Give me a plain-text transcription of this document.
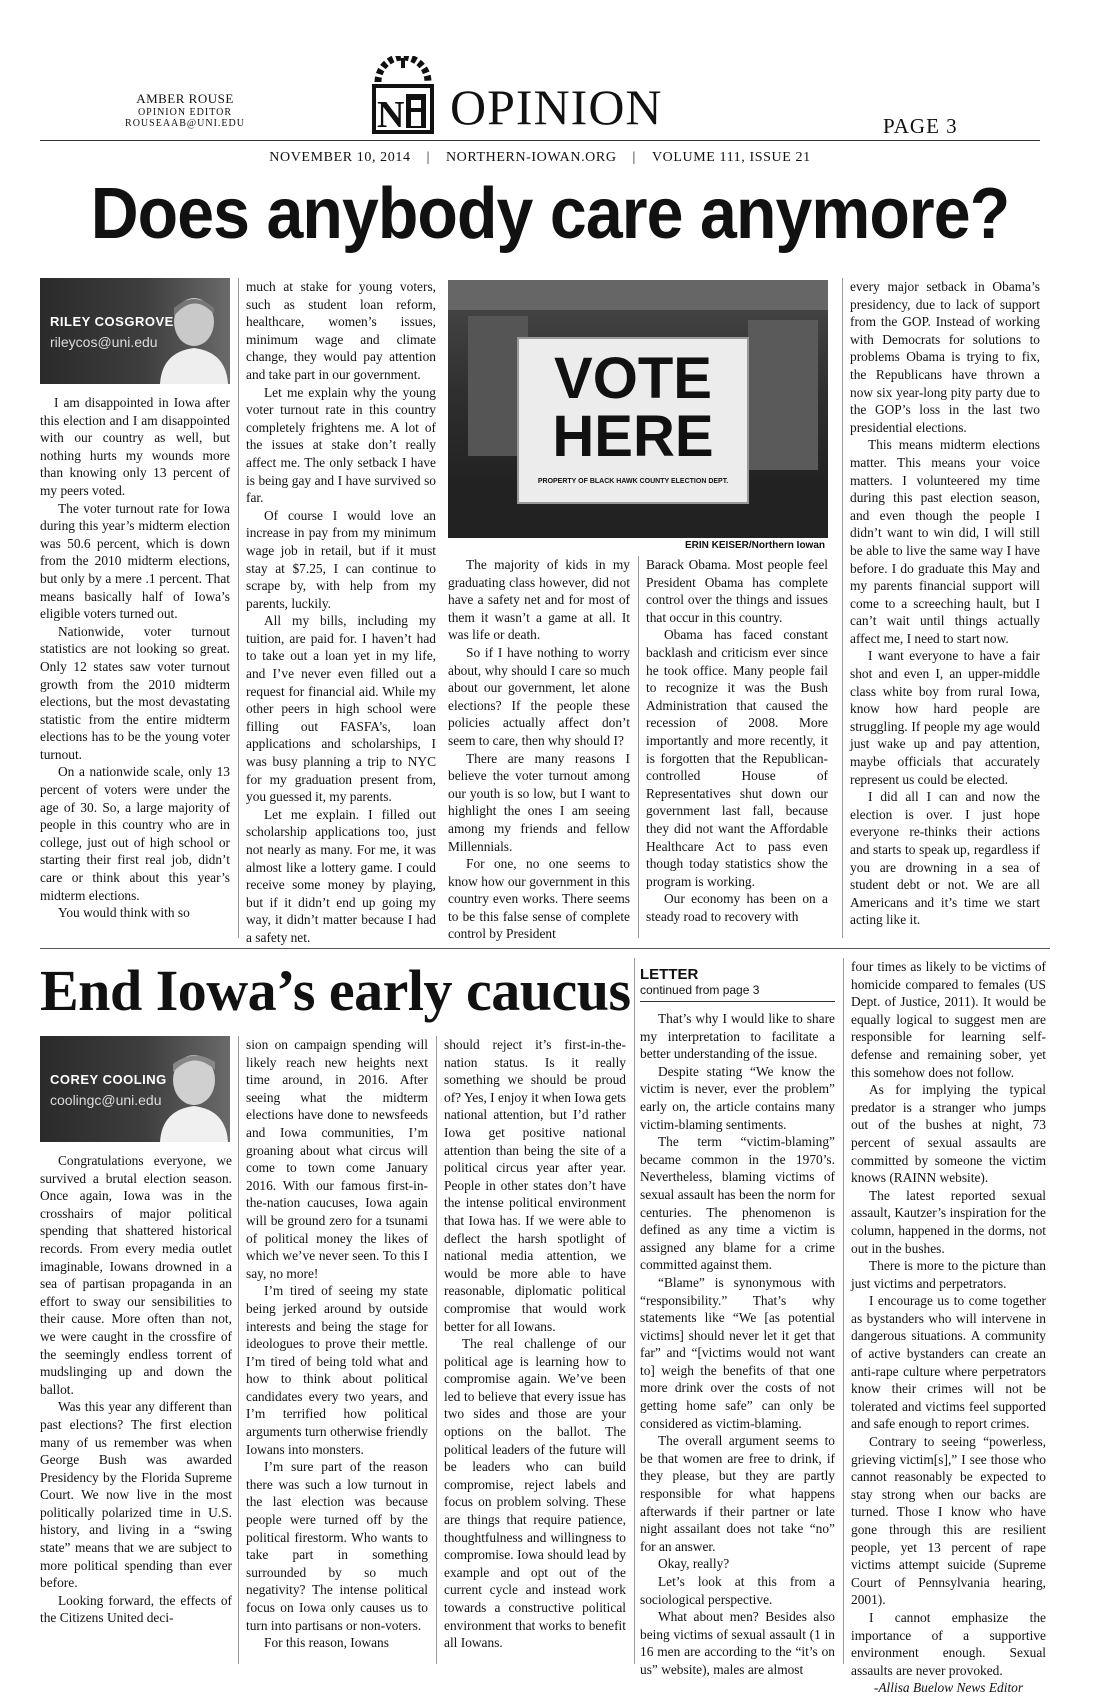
AMBER ROUSE
OPINION EDITOR
ROUSEAAB@UNI.EDU	N OPINION	PAGE 3
NOVEMBER 10, 2014 | NORTHERN-IOWAN.ORG | VOLUME 111, ISSUE 21
Does anybody care anymore?
RILEY COSGROVE
rileycos@uni.edu

I am disappointed in Iowa after this election and I am disappointed with our country as well, but nothing hurts my wounds more than knowing only 13 percent of my peers voted.

The voter turnout rate for Iowa during this year’s midterm election was 50.6 percent, which is down from the 2010 midterm elections, but only by a mere .1 percent. That means basically half of Iowa’s eligible voters turned out.

Nationwide, voter turnout statistics are not looking so great. Only 12 states saw voter turnout growth from the 2010 midterm elections, but the most devastating statistic from the entire midterm elections has to be the young voter turnout.

On a nationwide scale, only 13 percent of voters were under the age of 30. So, a large majority of people in this country who are in college, just out of high school or starting their first real job, didn’t care or think about this year’s midterm elections.

You would think with so

much at stake for young voters, such as student loan reform, healthcare, women’s issues, minimum wage and climate change, they would pay attention and take part in our government.

Let me explain why the young voter turnout rate in this country completely frightens me. A lot of the issues at stake don’t really affect me. The only setback I have is being gay and I have survived so far.

Of course I would love an increase in pay from my minimum wage job in retail, but if it must stay at $7.25, I can continue to scrape by, with help from my parents, luckily.

All my bills, including my tuition, are paid for. I haven’t had to take out a loan yet in my life, and I’ve never even filled out a request for financial aid. While my other peers in high school were filling out FASFA’s, loan applications and scholarships, I was busy planning a trip to NYC for my graduation present from, you guessed it, my parents.

Let me explain. I filled out scholarship applications too, just not nearly as many. For me, it was almost like a lottery game. I could receive some money by playing, but if it didn’t end up going my way, it didn’t matter because I had a safety net.

VOTE
HERE
PROPERTY OF BLACK HAWK COUNTY ELECTION DEPT.
ERIN KEISER/Northern Iowan

The majority of kids in my graduating class however, did not have a safety net and for most of them it wasn’t a game at all. It was life or death.

So if I have nothing to worry about, why should I care so much about our government, let alone elections? If the people these policies actually affect don’t seem to care, then why should I?

There are many reasons I believe the voter turnout among our youth is so low, but I want to highlight the ones I am seeing among my friends and fellow Millennials.

For one, no one seems to know how our government in this country even works. There seems to be this false sense of complete control by President

Barack Obama. Most people feel President Obama has complete control over the things and issues that occur in this country.

Obama has faced constant backlash and criticism ever since he took office. Many people fail to recognize it was the Bush Administration that caused the recession of 2008. More importantly and more recently, it is forgotten that the Republican-controlled House of Representatives shut down our government last fall, because they did not want the Affordable Healthcare Act to pass even though today statistics show the program is working.

Our economy has been on a steady road to recovery with

every major setback in Obama’s presidency, due to lack of support from the GOP. Instead of working with Democrats for solutions to problems Obama is trying to fix, the Republicans have thrown a now six year-long pity party due to the GOP’s loss in the last two presidential elections.

This means midterm elections matter. This means your voice matters. I volunteered my time during this past election season, and even though the people I didn’t want to win did, I will still be able to live the same way I have before. I do graduate this May and my parents financial support will come to a screeching hault, but I can’t wait until things actually affect me, I need to start now.

I want everyone to have a fair shot and even I, an upper-middle class white boy from rural Iowa, know how hard people are struggling. If people my age would just wake up and pay attention, maybe officials that accurately represent us could be elected.

I did all I can and now the election is over. I just hope everyone re-thinks their actions and starts to speak up, regardless if you are drowning in a sea of student debt or not. We are all Americans and it’s time we start acting like it.

End Iowa’s early caucus
COREY COOLING
coolingc@uni.edu

Congratulations everyone, we survived a brutal election season. Once again, Iowa was in the crosshairs of major political spending that shattered historical records. From every media outlet imaginable, Iowans drowned in a sea of partisan propaganda in an effort to sway our sensibilities to their cause. More often than not, we were caught in the crossfire of the seemingly endless torrent of mudslinging up and down the ballot.

Was this year any different than past elections? The first election many of us remember was when George Bush was awarded Presidency by the Florida Supreme Court. We now live in the most politically polarized time in U.S. history, and living in a “swing state” means that we are subject to more political spending than ever before.

Looking forward, the effects of the Citizens United deci-

sion on campaign spending will likely reach new heights next time around, in 2016. After seeing what the midterm elections have done to newsfeeds and Iowa communities, I’m groaning about what circus will come to town come January 2016. With our famous first-in-the-nation caucuses, Iowa again will be ground zero for a tsunami of political money the likes of which we’ve never seen. To this I say, no more!

I’m tired of seeing my state being jerked around by outside interests and being the stage for ideologues to prove their mettle. I’m tired of being told what and how to think about political candidates every two years, and I’m terrified how political arguments turn otherwise friendly Iowans into monsters.

I’m sure part of the reason there was such a low turnout in the last election was because people were turned off by the political firestorm. Who wants to take part in something surrounded by so much negativity? The intense political focus on Iowa only causes us to turn into partisans or non-voters.

For this reason, Iowans

should reject it’s first-in-the-nation status. Is it really something we should be proud of? Yes, I enjoy it when Iowa gets national attention, but I’d rather Iowa get positive national attention than being the site of a political circus year after year. People in other states don’t have the intense political environment that Iowa has. If we were able to deflect the harsh spotlight of national media attention, we would be more able to have reasonable, diplomatic political compromise that would work better for all Iowans.

The real challenge of our political age is learning how to compromise again. We’ve been led to believe that every issue has two sides and those are your options on the ballot. The political leaders of the future will be leaders who can build compromise, reject labels and focus on problem solving. These are things that require patience, thoughtfulness and willingness to compromise. Iowa should lead by example and opt out of the current cycle and instead work towards a constructive political environment that works to benefit all Iowans.

LETTER
continued from page 3

That’s why I would like to share my interpretation to facilitate a better understanding of the issue.

Despite stating “We know the victim is never, ever the problem” early on, the article contains many victim-blaming sentiments.

The term “victim-blaming” became common in the 1970’s. Nevertheless, blaming victims of sexual assault has been the norm for centuries. The phenomenon is defined as any time a victim is assigned any blame for a crime committed against them.

“Blame” is synonymous with “responsibility.” That’s why statements like “We [as potential victims] should never let it get that far” and “[victims would not want to] weigh the benefits of that one more drink over the costs of not getting home safe” can only be considered as victim-blaming.

The overall argument seems to be that women are free to drink, if they please, but they are partly responsible for what happens afterwards if their partner or late night assailant does not take “no” for an answer.

Okay, really?

Let’s look at this from a sociological perspective.

What about men? Besides also being victims of sexual assault (1 in 16 men are according to the “it’s on us” website), males are almost

four times as likely to be victims of homicide compared to females (US Dept. of Justice, 2011). It would be equally logical to suggest men are responsible for learning self-defense and remaining sober, yet this somehow does not follow.

As for implying the typical predator is a stranger who jumps out of the bushes at night, 73 percent of sexual assaults are committed by someone the victim knows (RAINN website).

The latest reported sexual assault, Kautzer’s inspiration for the column, happened in the dorms, not out in the bushes.

There is more to the picture than just victims and perpetrators.

I encourage us to come together as bystanders who will intervene in dangerous situations. A community of active bystanders can create an anti-rape culture where perpetrators know their crimes will not be tolerated and victims feel supported and safe enough to report crimes.

Contrary to seeing “powerless, grieving victim[s],” I see those who cannot reasonably be expected to stay strong when our backs are turned. Those I know who have gone through this are resilient people, yet 13 percent of rape victims attempt suicide (Supreme Court of Pennsylvania hearing, 2001).

I cannot emphasize the importance of a supportive environment enough. Sexual assaults are never provoked.

-Allisa Buelow News Editor
